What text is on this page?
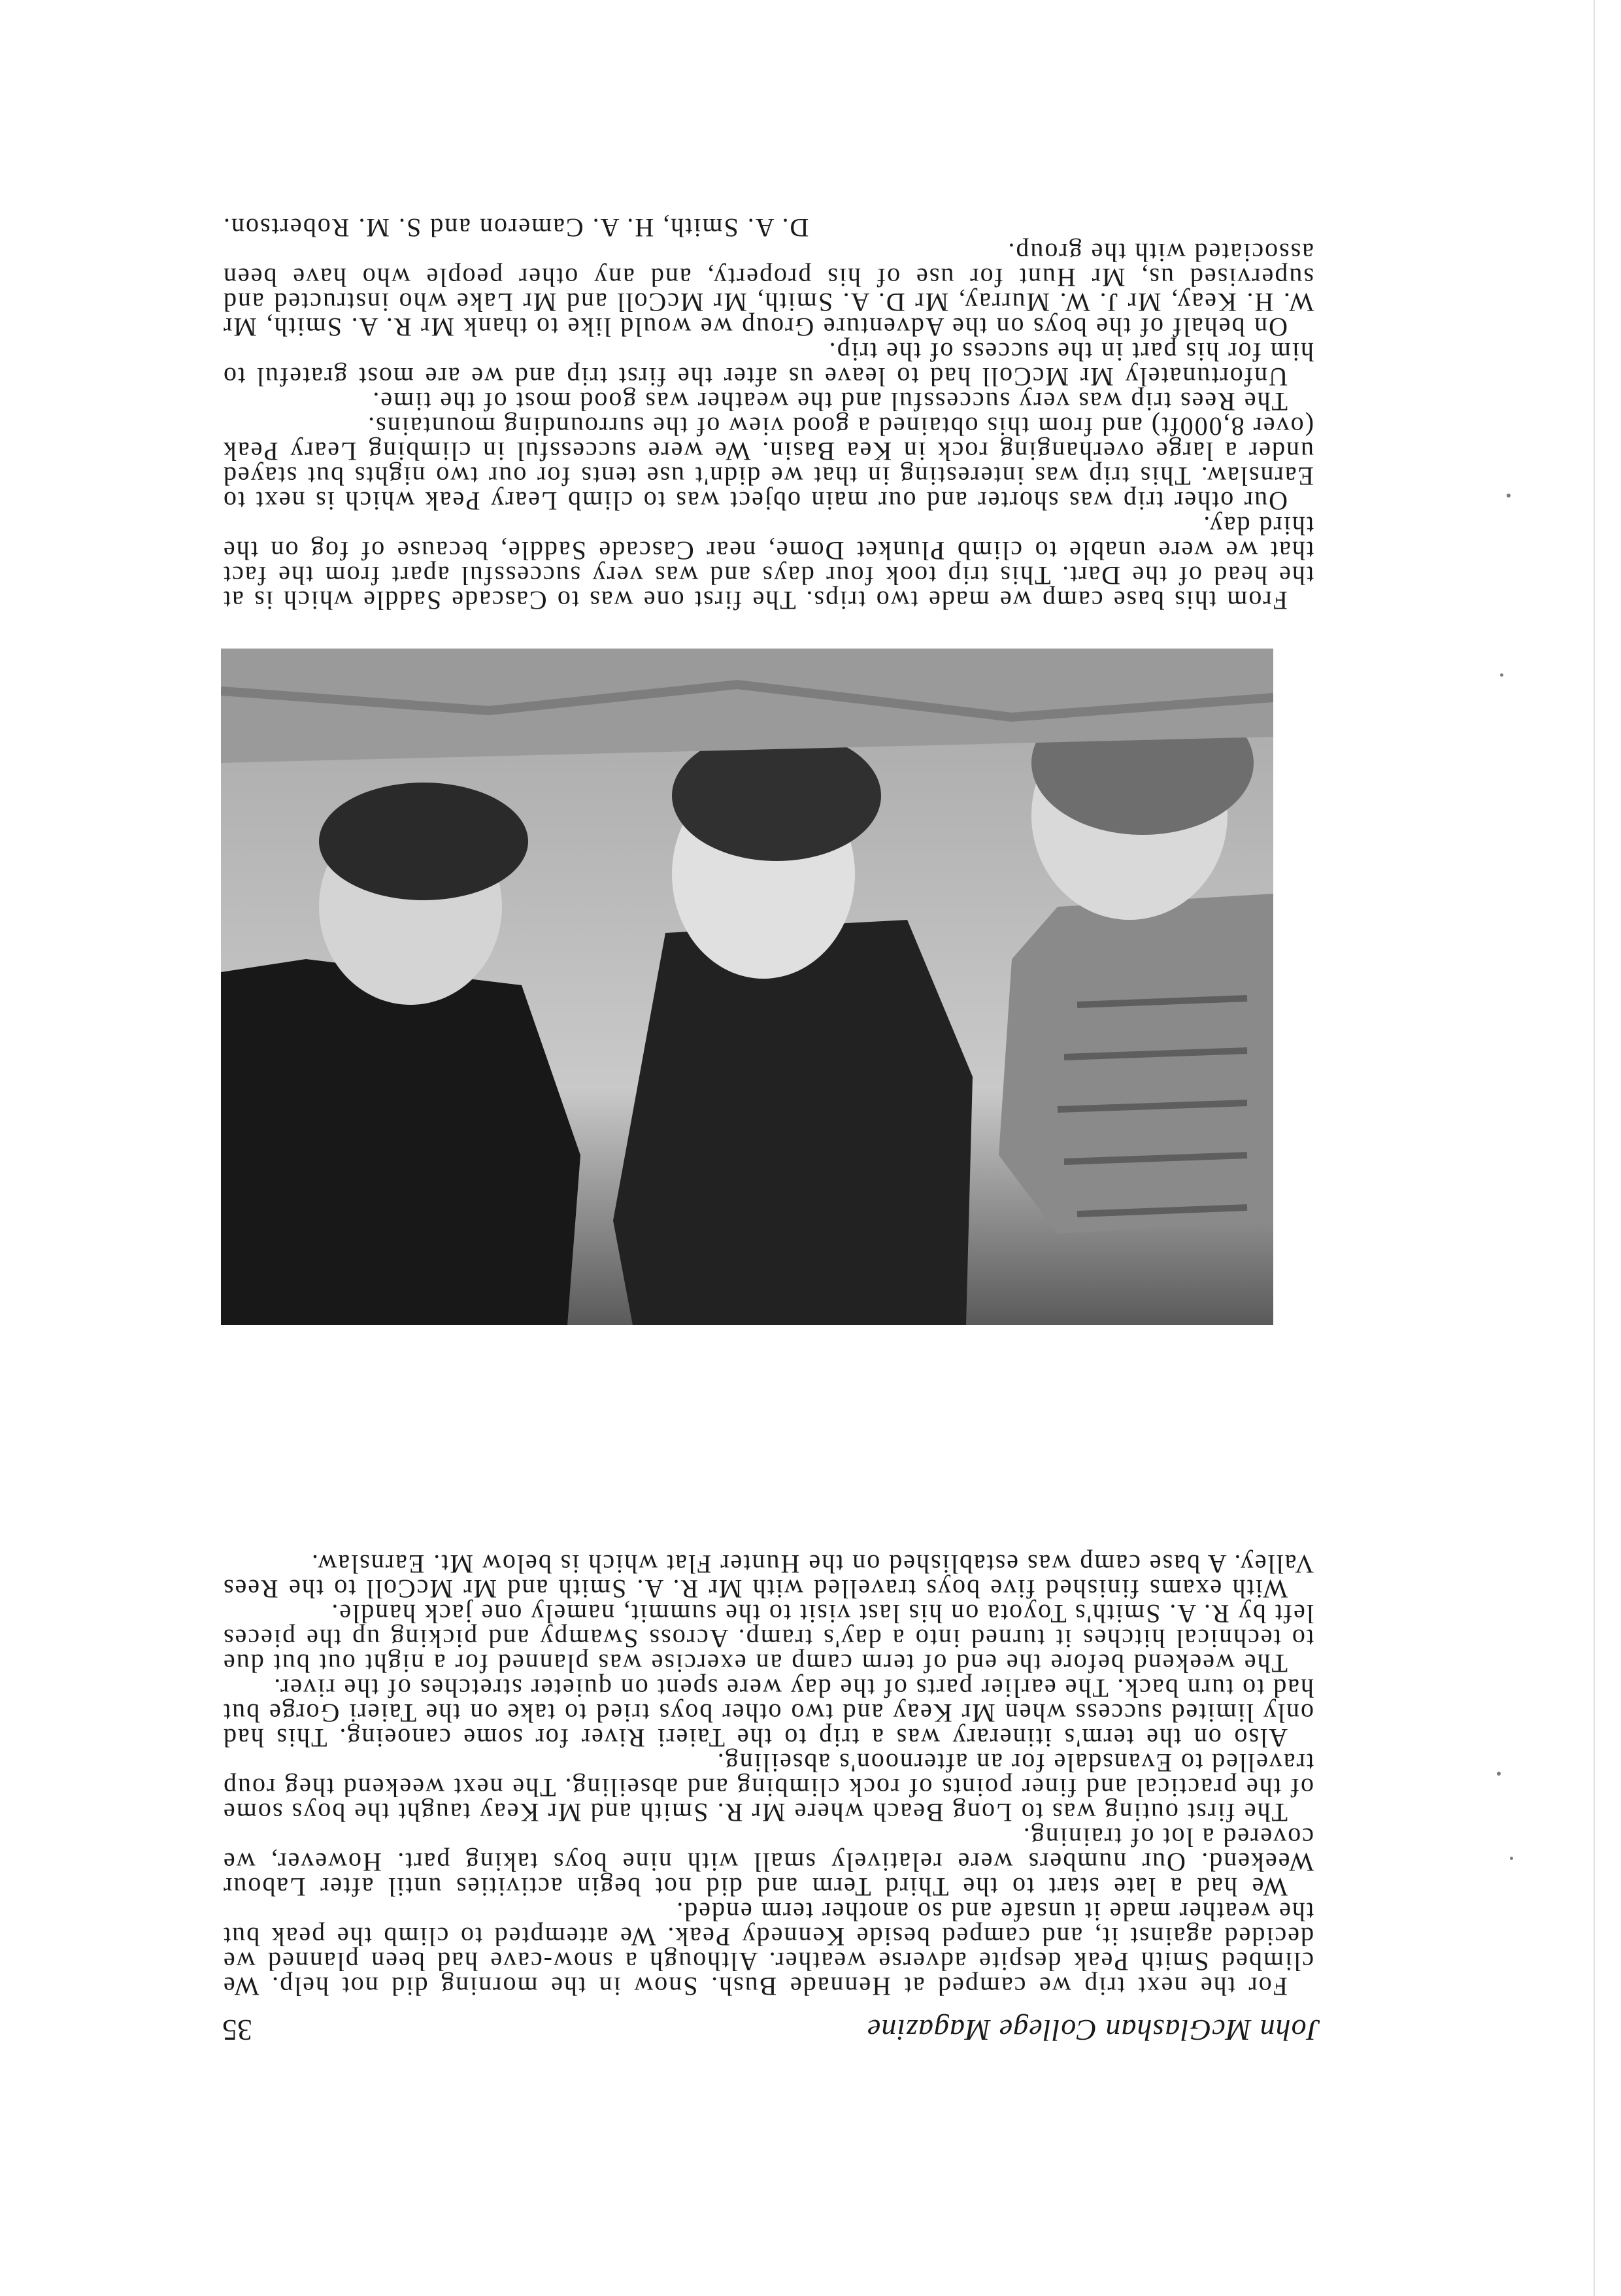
John McGlashan College Magazine
35

For the next trip we camped at Hennade Bush. Snow in the morning did not help. We climbed Smith Peak despite adverse weather. Although a snow-cave had been planned we decided against it, and camped beside Kennedy Peak. We attempted to climb the peak but the weather made it unsafe and so another term ended.

We had a late start to the Third Term and did not begin activities until after Labour Weekend. Our numbers were relatively small with nine boys taking part. However, we covered a lot of training.

The first outing was to Long Beach where Mr R. Smith and Mr Keay taught the boys some of the practical and finer points of rock climbing and abseiling. The next weekend theg roup travelled to Evansdale for an afternoon's abseiling.

Also on the term's itinerary was a trip to the Taieri River for some canoeing. This had only limited success when Mr Keay and two other boys tried to take on the Taieri Gorge but had to turn back. The earlier parts of the day were spent on quieter stretches of the river.

The weekend before the end of term camp an exercise was planned for a night out but due to technical hitches it turned into a day's tramp. Across Swampy and picking up the pieces left by R. A. Smith's Toyota on his last visit to the summit, namely one jack handle.

With exams finished five boys travelled with Mr R. A. Smith and Mr McColl to the Rees Valley. A base camp was established on the Hunter Flat which is below Mt. Earnslaw.

From this base camp we made two trips. The first one was to Cascade Saddle which is at the head of the Dart. This trip took four days and was very successful apart from the fact that we were unable to climb Plunket Dome, near Cascade Saddle, because of fog on the third day.

Our other trip was shorter and our main object was to climb Leary Peak which is next to Earnslaw. This trip was interesting in that we didn't use tents for our two nights but stayed under a large overhanging rock in Kea Basin. We were successful in climbing Leary Peak (over 8,000ft) and from this obtained a good view of the surrounding mountains.

The Rees trip was very successful and the weather was good most of the time.

Unfortunately Mr McColl had to leave us after the first trip and we are most grateful to him for his part in the success of the trip.

On behalf of the boys on the Adventure Group we would like to thank Mr R. A. Smith, Mr W. H. Keay, Mr J. W. Murray, Mr D. A. Smith, Mr McColl and Mr Lake who instructed and supervised us, Mr Hunt for use of his property, and any other people who have been associated with the group.

D. A. Smith, H. A. Cameron and S. M. Robertson.
